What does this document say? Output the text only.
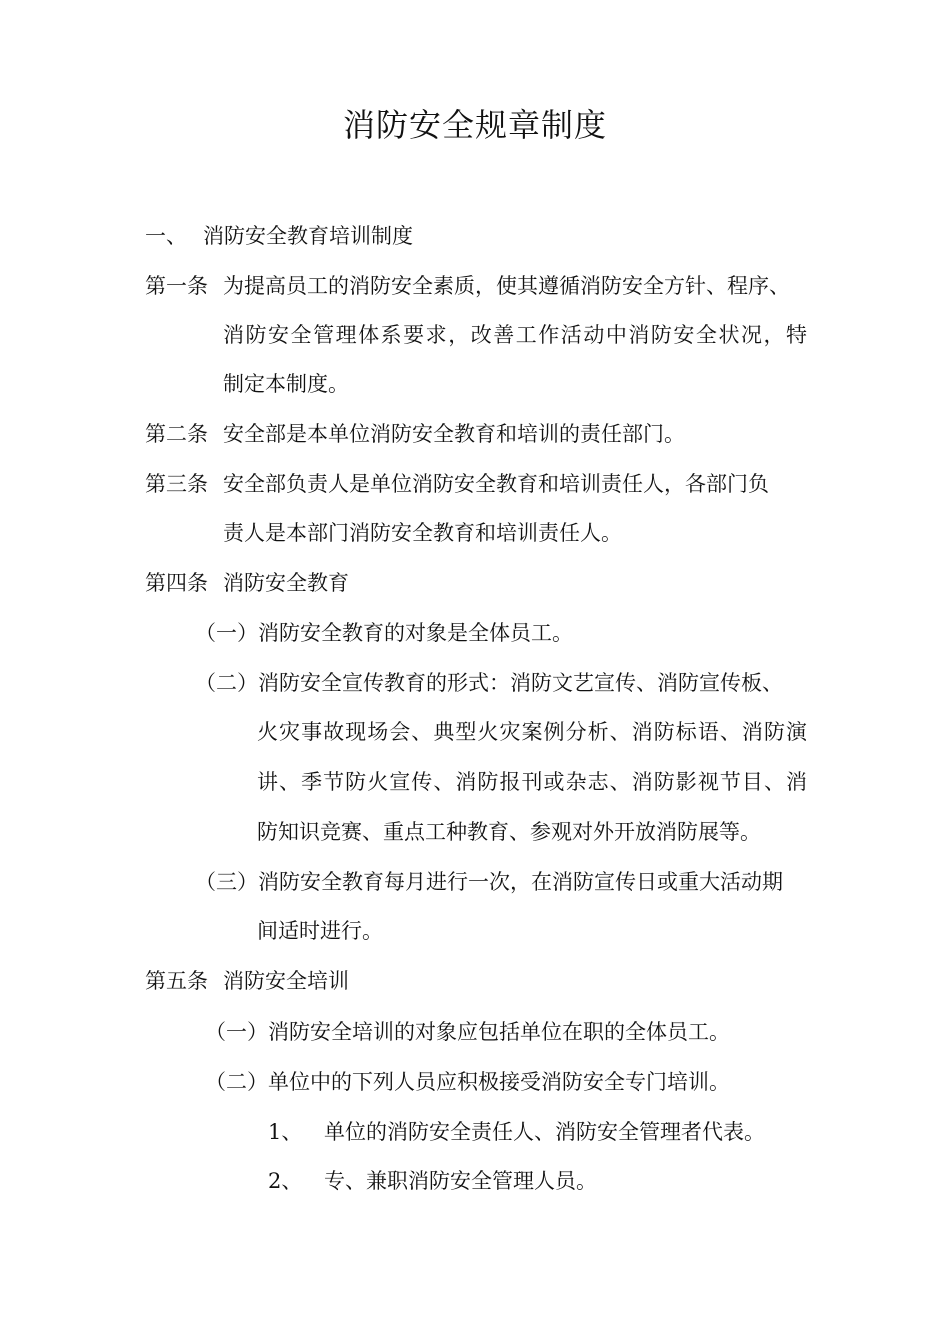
消防安全规章制度
一、 消防安全教育培训制度
第一条 为提高员工的消防安全素质，使其遵循消防安全方针、程序、
消防安全管理体系要求，改善工作活动中消防安全状况，特
制定本制度。
第二条 安全部是本单位消防安全教育和培训的责任部门。
第三条 安全部负责人是单位消防安全教育和培训责任人，各部门负
责人是本部门消防安全教育和培训责任人。
第四条 消防安全教育
（一）消防安全教育的对象是全体员工。
（二）消防安全宣传教育的形式：消防文艺宣传、消防宣传板、
火灾事故现场会、典型火灾案例分析、消防标语、消防演
讲、季节防火宣传、消防报刊或杂志、消防影视节目、消
防知识竞赛、重点工种教育、参观对外开放消防展等。
（三）消防安全教育每月进行一次，在消防宣传日或重大活动期
间适时进行。
第五条 消防安全培训
（一）消防安全培训的对象应包括单位在职的全体员工。
（二）单位中的下列人员应积极接受消防安全专门培训。
1、 单位的消防安全责任人、消防安全管理者代表。
2、 专、兼职消防安全管理人员。
